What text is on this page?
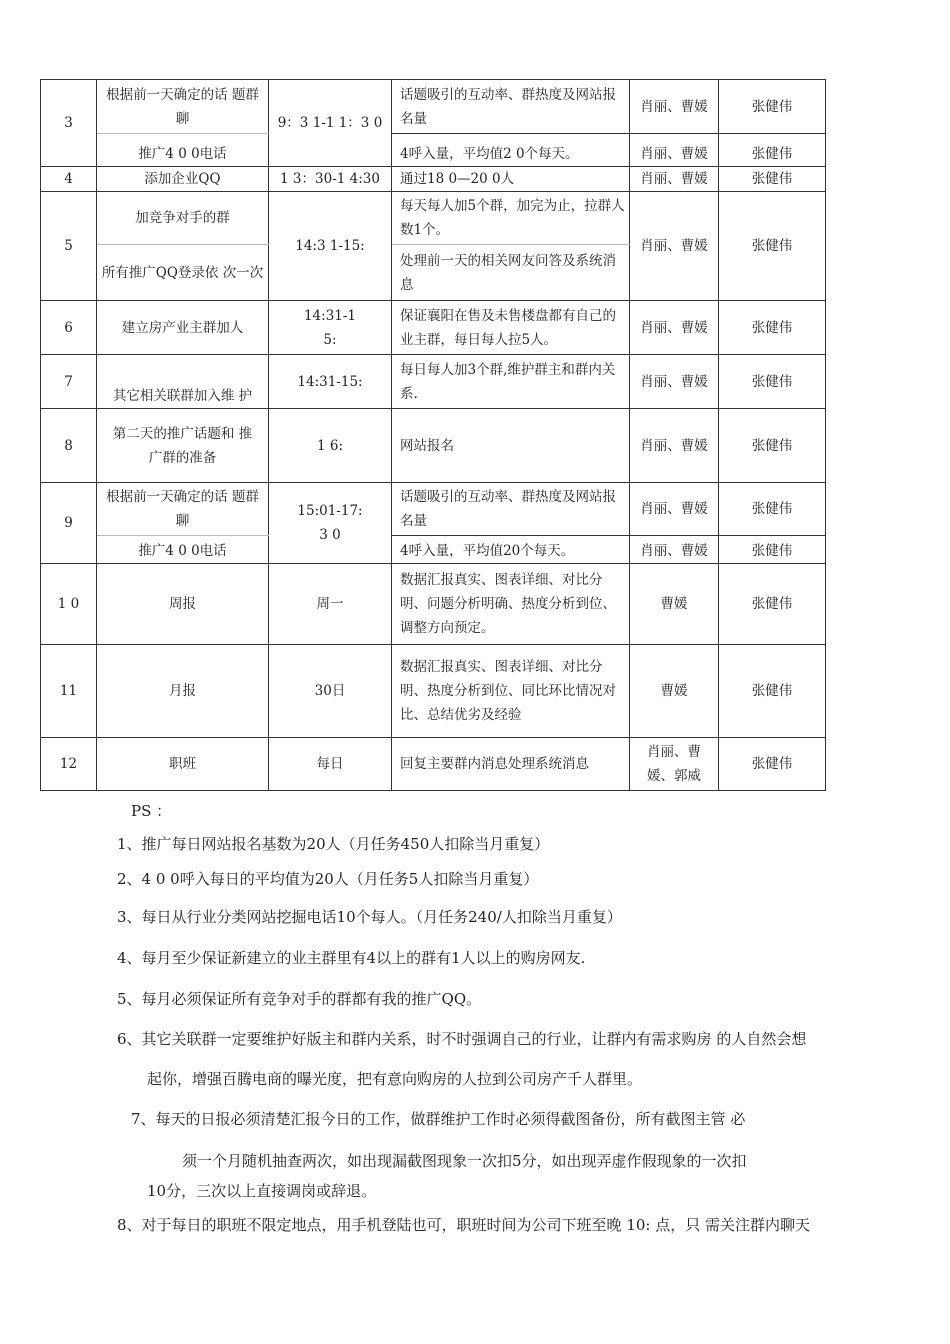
3	根据前一天确定的话 题群聊	9：3 1-1 1：3 0	话题吸引的互动率、群热度及网站报名量	肖丽、曹媛	张健伟
	推广4 0 0电话		4呼入量，平均值2 0个每天。	肖丽、曹媛	张健伟
4	添加企业QQ	1 3：30-1 4:30	通过18 0—20 0人	肖丽、曹媛	张健伟
5	加竞争对手的群	14:3 1-15:	每天每人加5个群，加完为止，拉群人数1个。	肖丽、曹媛	张健伟
	所有推广QQ登录依 次一次		处理前一天的相关网友问答及系统消息		
6	建立房产业主群加人	14:31-1 5:	保证襄阳在售及未售楼盘都有自己的业主群，每日每人拉5人。	肖丽、曹媛	张健伟
7	其它相关联群加入维 护	14:31-15:	每日每人加3个群,维护群主和群内关系.	肖丽、曹媛	张健伟
8	第二天的推广话题和 推广群的准备	1 6:	网站报名	肖丽、曹媛	张健伟
9	根据前一天确定的话 题群聊	15:01-17: 3 0	话题吸引的互动率、群热度及网站报名量	肖丽、曹媛	张健伟
	推广4 0 0电话		4呼入量，平均值20个每天。	肖丽、曹媛	张健伟
1 0	周报	周一	数据汇报真实、图表详细、对比分明、问题分析明确、热度分析到位、调整方向预定。	曹媛	张健伟
11	月报	30日	数据汇报真实、图表详细、对比分明、热度分析到位、同比环比情况对比、总结优劣及经验	曹媛	张健伟
12	职班	每日	回复主要群内消息处理系统消息	肖丽、曹媛、郭威	张健伟
PS ：
1、推广每日网站报名基数为20人（月任务450人扣除当月重复）
2、4 0 0呼入每日的平均值为20人（月任务5人扣除当月重复）
3、每日从行业分类网站挖掘电话10个每人。（月任务240/人扣除当月重复）
4、每月至少保证新建立的业主群里有4以上的群有1人以上的购房网友.
5、每月必须保证所有竞争对手的群都有我的推广QQ。
6、其它关联群一定要维护好版主和群内关系，时不时强调自己的行业，让群内有需求购房 的人自然会想
起你，增强百腾电商的曝光度，把有意向购房的人拉到公司房产千人群里。
7、每天的日报必须清楚汇报今日的工作，做群维护工作时必须得截图备份，所有截图主管 必
须一个月随机抽查两次，如出现漏截图现象一次扣5分，如出现弄虚作假现象的一次扣
10分，三次以上直接调岗或辞退。
8、对于每日的职班不限定地点，用手机登陆也可，职班时间为公司下班至晚 10: 点，只 需关注群内聊天
